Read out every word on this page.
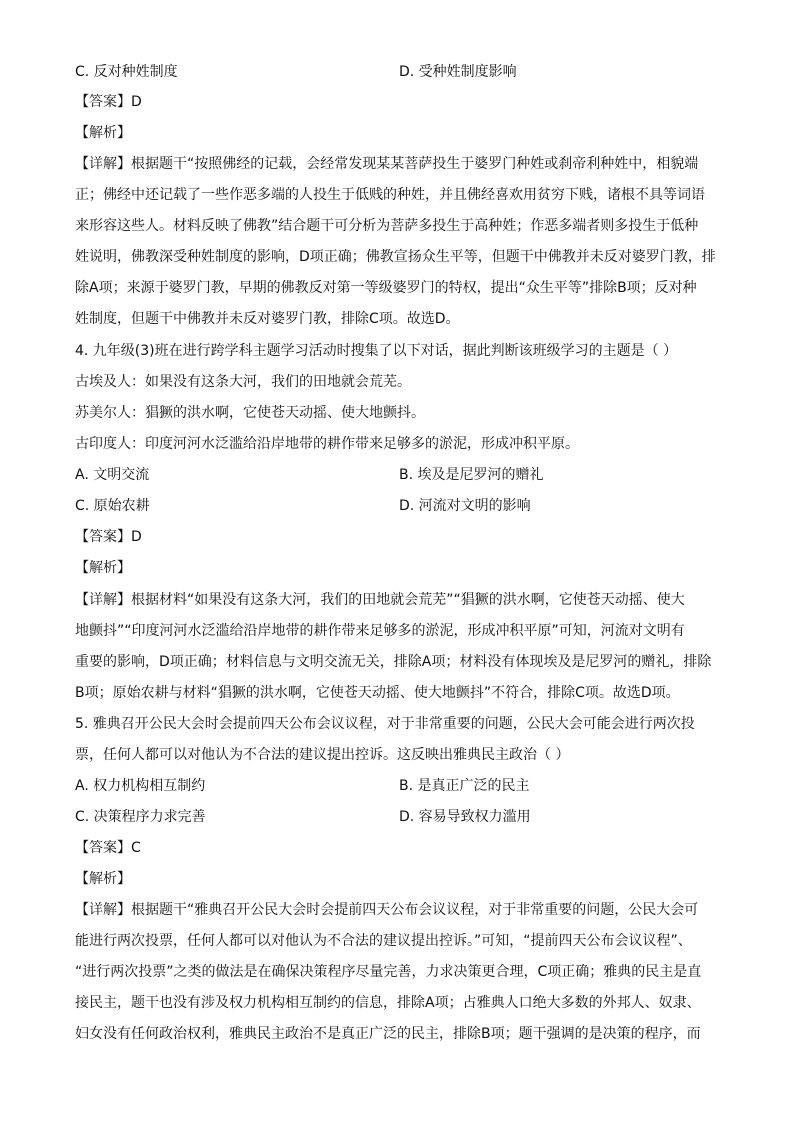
C. 反对种姓制度	D. 受种姓制度影响
【答案】D
【解析】
【详解】根据题干“按照佛经的记载，会经常发现某某菩萨投生于婆罗门种姓或刹帝利种姓中，相貌端
正；佛经中还记载了一些作恶多端的人投生于低贱的种姓，并且佛经喜欢用贫穷下贱，诸根不具等词语
来形容这些人。材料反映了佛教”结合题干可分析为菩萨多投生于高种姓；作恶多端者则多投生于低种
姓说明，佛教深受种姓制度的影响，D项正确；佛教宣扬众生平等，但题干中佛教并未反对婆罗门教，排
除A项；来源于婆罗门教，早期的佛教反对第一等级婆罗门的特权，提出“众生平等”排除B项；反对种
姓制度，但题干中佛教并未反对婆罗门教，排除C项。故选D。
4. 九年级(3)班在进行跨学科主题学习活动时搜集了以下对话，据此判断该班级学习的主题是（ ）
古埃及人：如果没有这条大河，我们的田地就会荒芜。
苏美尔人：猖獗的洪水啊，它使苍天动摇、使大地颤抖。
古印度人：印度河河水泛滥给沿岸地带的耕作带来足够多的淤泥，形成冲积平原。
A. 文明交流	B. 埃及是尼罗河的赠礼
C. 原始农耕	D. 河流对文明的影响
【答案】D
【解析】
【详解】根据材料“如果没有这条大河，我们的田地就会荒芜”“猖獗的洪水啊，它使苍天动摇、使大
地颤抖”“印度河河水泛滥给沿岸地带的耕作带来足够多的淤泥，形成冲积平原”可知，河流对文明有
重要的影响，D项正确；材料信息与文明交流无关，排除A项；材料没有体现埃及是尼罗河的赠礼，排除
B项；原始农耕与材料“猖獗的洪水啊，它使苍天动摇、使大地颤抖”不符合，排除C项。故选D项。
5. 雅典召开公民大会时会提前四天公布会议议程，对于非常重要的问题，公民大会可能会进行两次投
票，任何人都可以对他认为不合法的建议提出控诉。这反映出雅典民主政治（ ）
A. 权力机构相互制约	B. 是真正广泛的民主
C. 决策程序力求完善	D. 容易导致权力滥用
【答案】C
【解析】
【详解】根据题干“雅典召开公民大会时会提前四天公布会议议程，对于非常重要的问题，公民大会可
能进行两次投票，任何人都可以对他认为不合法的建议提出控诉。”可知，“提前四天公布会议议程”、
“进行两次投票”之类的做法是在确保决策程序尽量完善，力求决策更合理，C项正确；雅典的民主是直
接民主，题干也没有涉及权力机构相互制约的信息，排除A项；占雅典人口绝大多数的外邦人、奴隶、
妇女没有任何政治权利，雅典民主政治不是真正广泛的民主，排除B项；题干强调的是决策的程序，而
